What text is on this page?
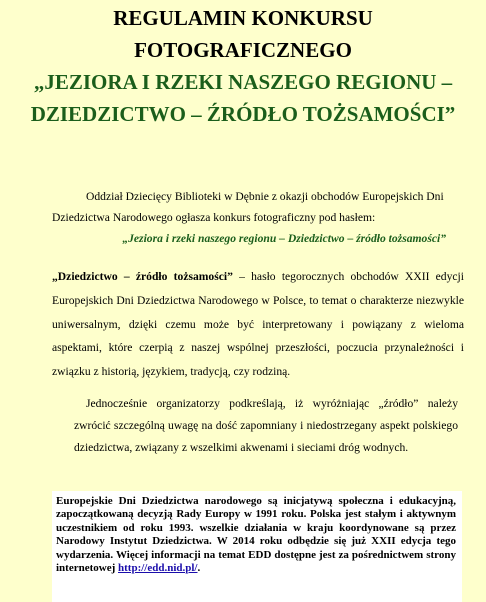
REGULAMIN KONKURSU
FOTOGRAFICZNEGO
„JEZIORA I RZEKI NASZEGO REGIONU –
DZIEDZICTWO – ŹRÓDŁO TOŻSAMOŚCI”
Oddział Dziecięcy Biblioteki w Dębnie z okazji obchodów Europejskich Dni Dziedzictwa Narodowego ogłasza konkurs fotograficzny pod hasłem:
„Jeziora i rzeki naszego regionu – Dziedzictwo – źródło tożsamości”
„Dziedzictwo – źródło tożsamości” – hasło tegorocznych obchodów XXII edycji Europejskich Dni Dziedzictwa Narodowego w Polsce, to temat o charakterze niezwykle uniwersalnym, dzięki czemu może być interpretowany i powiązany z wieloma aspektami, które czerpią z naszej wspólnej przeszłości, poczucia przynależności i związku z historią, językiem, tradycją, czy rodziną.
Jednocześnie organizatorzy podkreślają, iż wyróżniając „źródło” należy zwrócić szczególną uwagę na dość zapomniany i niedostrzegany aspekt polskiego dziedzictwa, związany z wszelkimi akwenami i sieciami dróg wodnych.

Europejskie Dni Dziedzictwa narodowego są inicjatywą społeczna i edukacyjną, zapoczątkowaną decyzją Rady Europy w 1991 roku. Polska jest stałym i aktywnym uczestnikiem od roku 1993. wszelkie działania w kraju koordynowane są przez Narodowy Instytut Dziedzictwa. W 2014 roku odbędzie się już XXII edycja tego wydarzenia. Więcej informacji na temat EDD dostępne jest za pośrednictwem strony internetowej http://edd.nid.pl/.
